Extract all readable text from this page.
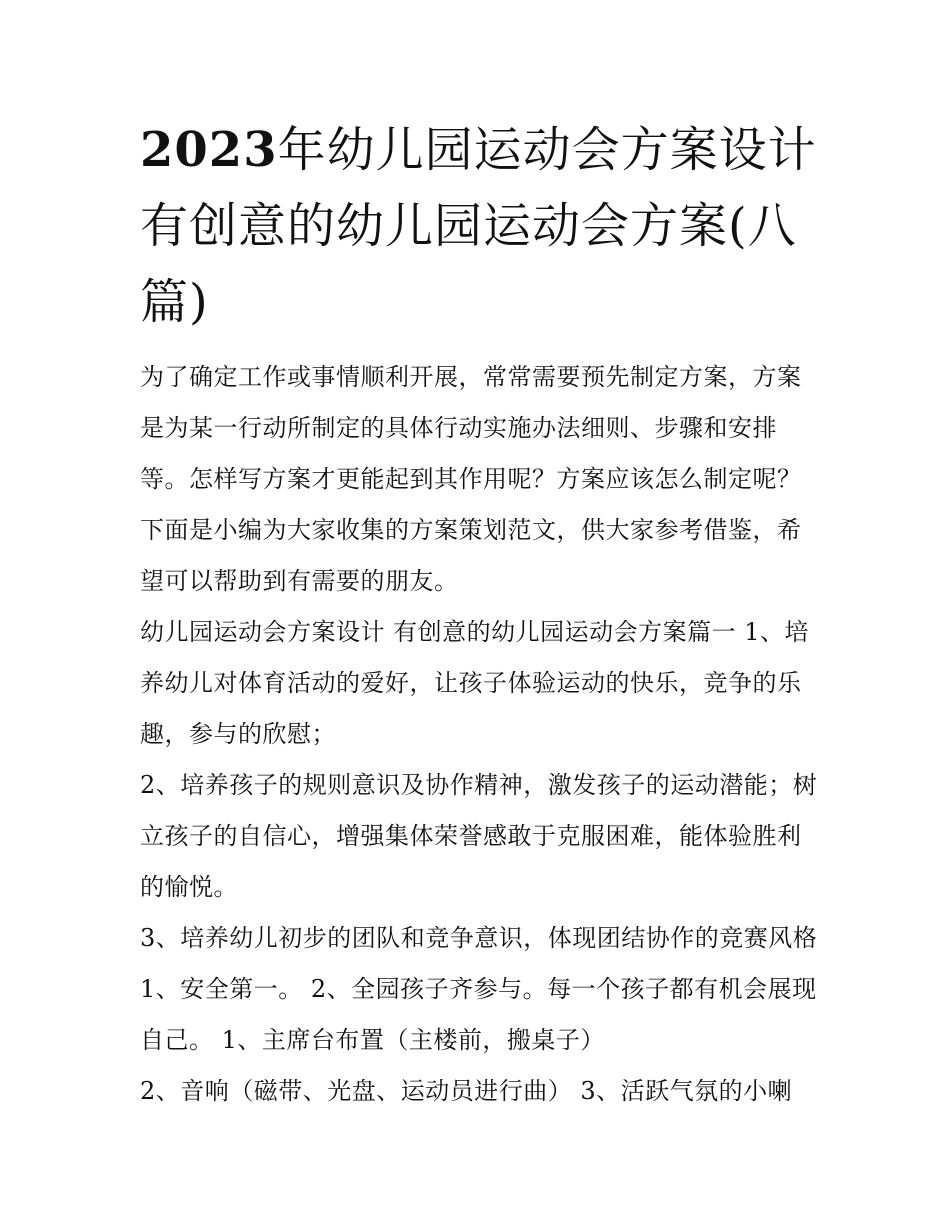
2023年幼儿园运动会方案设计 有创意的幼儿园运动会方案(八篇)

为了确定工作或事情顺利开展，常常需要预先制定方案，方案是为某一行动所制定的具体行动实施办法细则、步骤和安排等。怎样写方案才更能起到其作用呢？方案应该怎么制定呢？下面是小编为大家收集的方案策划范文，供大家参考借鉴，希望可以帮助到有需要的朋友。

幼儿园运动会方案设计 有创意的幼儿园运动会方案篇一 1、培养幼儿对体育活动的爱好，让孩子体验运动的快乐，竞争的乐趣，参与的欣慰；

2、培养孩子的规则意识及协作精神，激发孩子的运动潜能；树立孩子的自信心，增强集体荣誉感敢于克服困难，能体验胜利的愉悦。

3、培养幼儿初步的团队和竞争意识，体现团结协作的竞赛风格 1、安全第一。 2、全园孩子齐参与。每一个孩子都有机会展现自己。 1、主席台布置（主楼前，搬桌子）

2、音响（磁带、光盘、运动员进行曲） 3、活跃气氛的小喇
